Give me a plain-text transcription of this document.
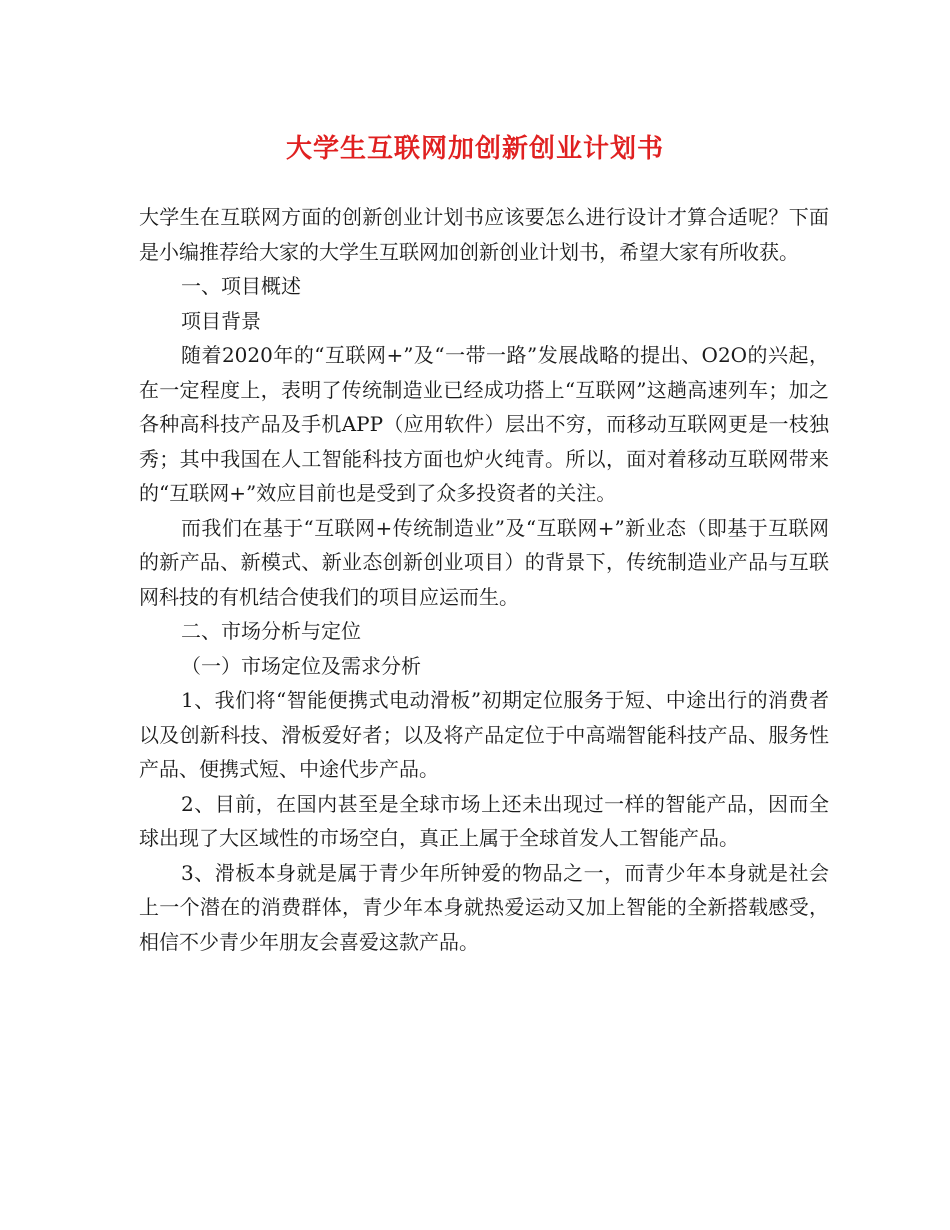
大学生互联网加创新创业计划书

大学生在互联网方面的创新创业计划书应该要怎么进行设计才算合适呢？下面是小编推荐给大家的大学生互联网加创新创业计划书，希望大家有所收获。

一、项目概述

项目背景

随着2020年的“互联网+”及“一带一路”发展战略的提出、O2O的兴起，在一定程度上，表明了传统制造业已经成功搭上“互联网”这趟高速列车；加之各种高科技产品及手机APP（应用软件）层出不穷，而移动互联网更是一枝独秀；其中我国在人工智能科技方面也炉火纯青。所以，面对着移动互联网带来的“互联网+”效应目前也是受到了众多投资者的关注。

而我们在基于“互联网+传统制造业”及“互联网+”新业态（即基于互联网的新产品、新模式、新业态创新创业项目）的背景下，传统制造业产品与互联网科技的有机结合使我们的项目应运而生。

二、市场分析与定位

（一）市场定位及需求分析

1、我们将“智能便携式电动滑板”初期定位服务于短、中途出行的消费者以及创新科技、滑板爱好者；以及将产品定位于中高端智能科技产品、服务性产品、便携式短、中途代步产品。

2、目前，在国内甚至是全球市场上还未出现过一样的智能产品，因而全球出现了大区域性的市场空白，真正上属于全球首发人工智能产品。

3、滑板本身就是属于青少年所钟爱的物品之一，而青少年本身就是社会上一个潜在的消费群体，青少年本身就热爱运动又加上智能的全新搭载感受，相信不少青少年朋友会喜爱这款产品。
